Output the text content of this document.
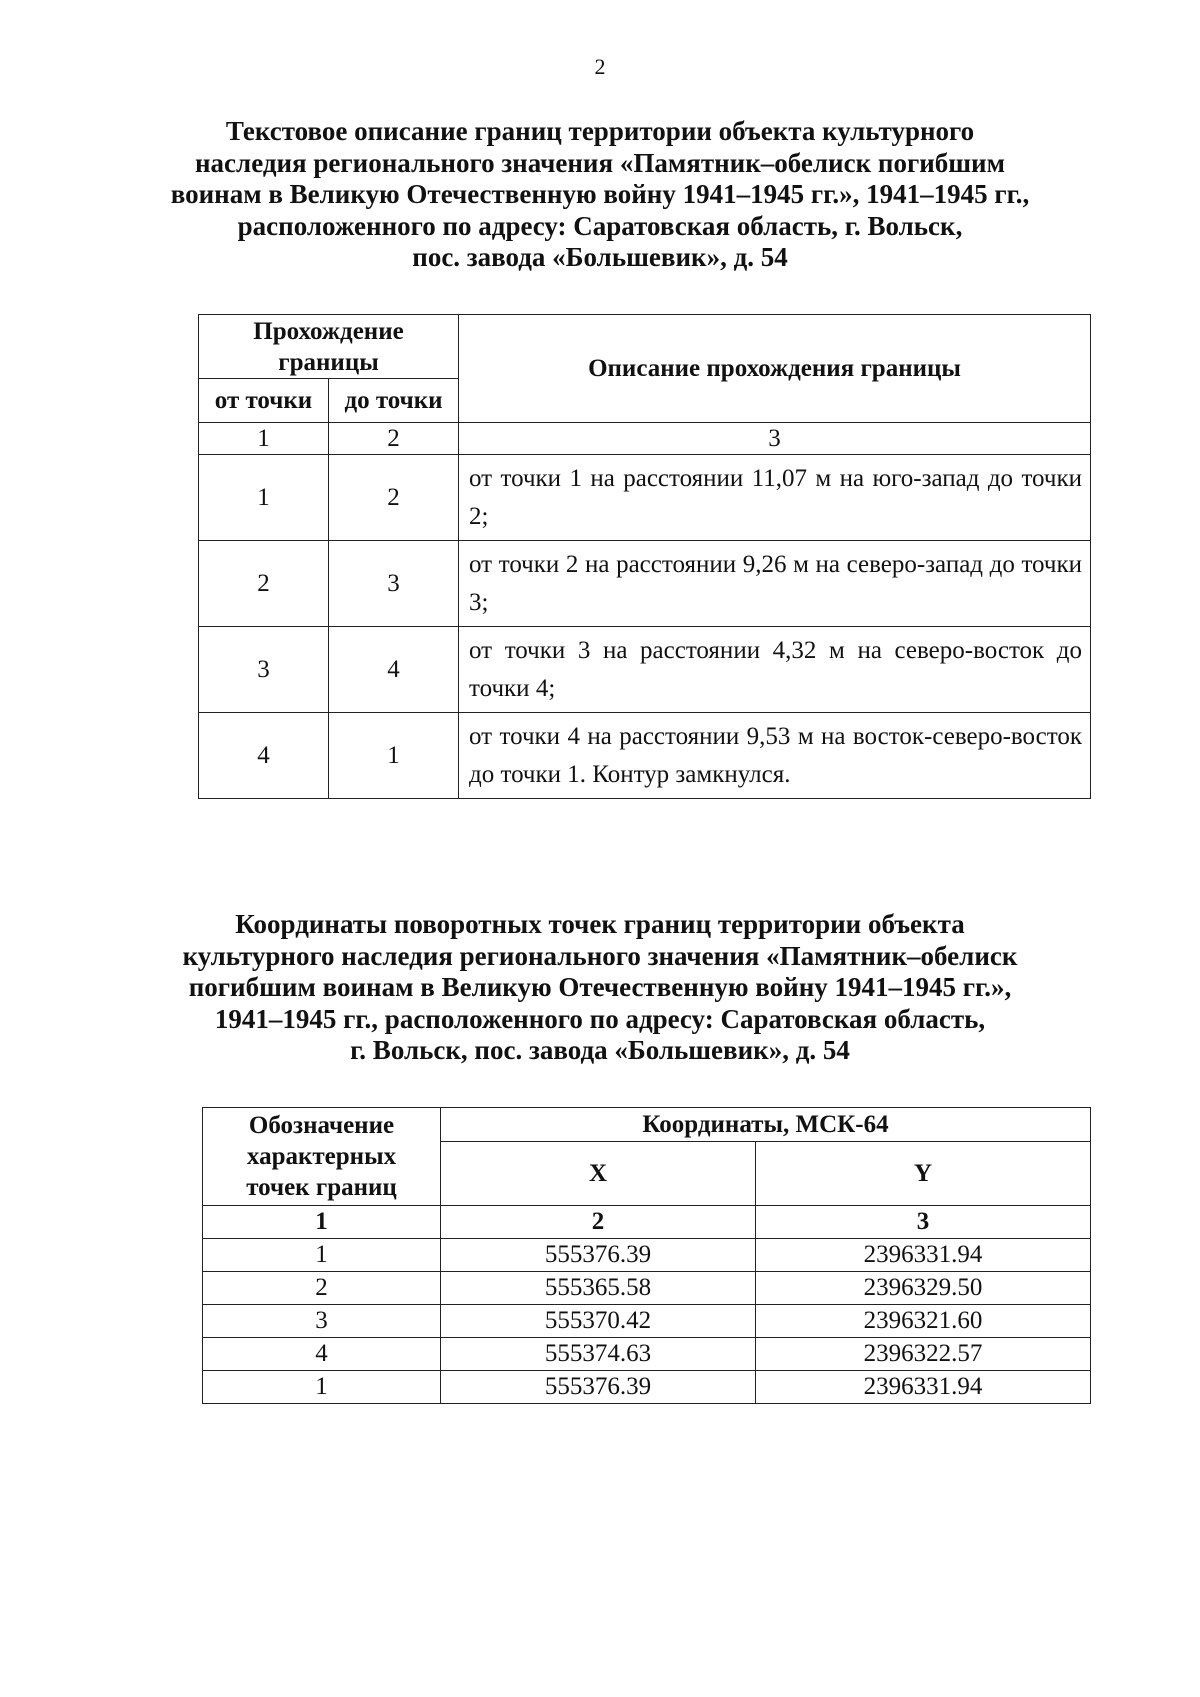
2
Текстовое описание границ территории объекта культурного
наследия регионального значения «Памятник–обелиск погибшим
воинам в Великую Отечественную войну 1941–1945 гг.», 1941–1945 гг.,
расположенного по адресу: Саратовская область, г. Вольск,
пос. завода «Большевик», д. 54
Прохождение границы		Описание прохождения границы
от точки	до точки	
1	2	3
1	2	от точки 1 на расстоянии 11,07 м на юго-запад до точки 2;
2	3	от точки 2 на расстоянии 9,26 м на северо-запад до точки 3;
3	4	от точки 3 на расстоянии 4,32 м на северо-восток до точки 4;
4	1	от точки 4 на расстоянии 9,53 м на восток-северо-восток до точки 1. Контур замкнулся.
Координаты поворотных точек границ территории объекта
культурного наследия регионального значения «Памятник–обелиск
погибшим воинам в Великую Отечественную войну 1941–1945 гг.»,
1941–1945 гг., расположенного по адресу: Саратовская область,
г. Вольск, пос. завода «Большевик», д. 54
Обозначение характерных точек границ	Координаты, МСК-64	
	X	Y
1	2	3
1	555376.39	2396331.94
2	555365.58	2396329.50
3	555370.42	2396321.60
4	555374.63	2396322.57
1	555376.39	2396331.94
